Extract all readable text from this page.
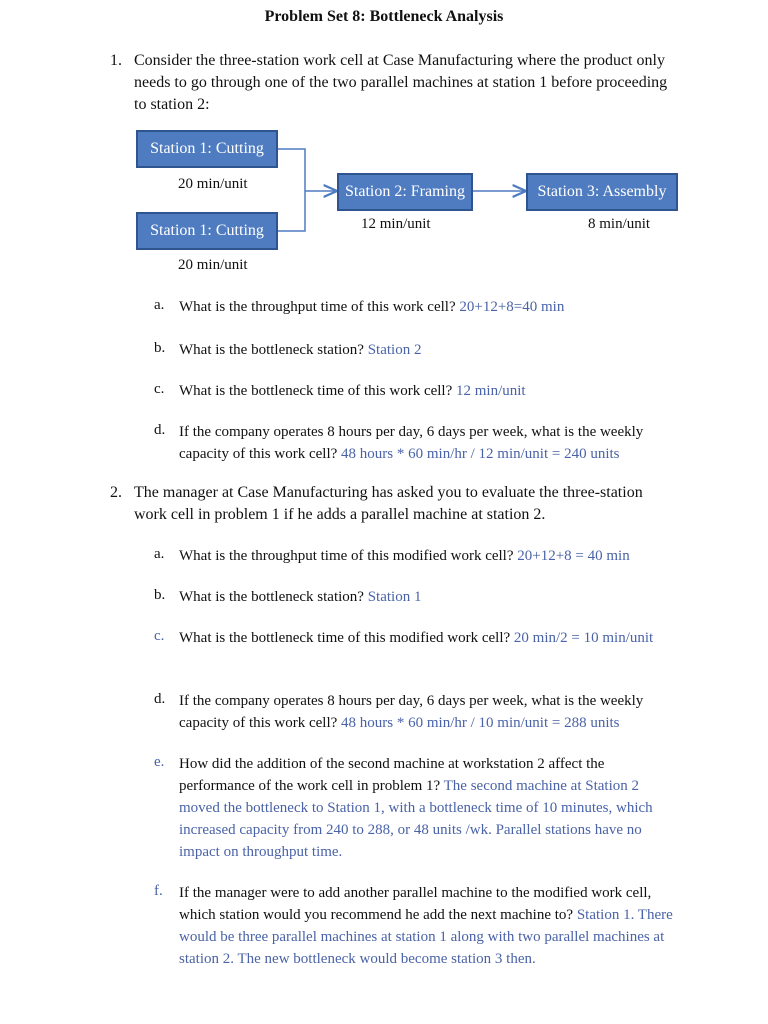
Problem Set 8: Bottleneck Analysis
1. Consider the three-station work cell at Case Manufacturing where the product only needs to go through one of the two parallel machines at station 1 before proceeding to station 2:
Station 1: Cutting
20 min/unit
Station 1: Cutting
20 min/unit
Station 2: Framing
12 min/unit
Station 3: Assembly
8 min/unit
a. What is the throughput time of this work cell? 20+12+8=40 min
b. What is the bottleneck station? Station 2
c. What is the bottleneck time of this work cell? 12 min/unit
d. If the company operates 8 hours per day, 6 days per week, what is the weekly capacity of this work cell? 48 hours * 60 min/hr / 12 min/unit = 240 units
2. The manager at Case Manufacturing has asked you to evaluate the three-station work cell in problem 1 if he adds a parallel machine at station 2.
a. What is the throughput time of this modified work cell? 20+12+8 = 40 min
b. What is the bottleneck station? Station 1
c. What is the bottleneck time of this modified work cell? 20 min/2 = 10 min/unit
d. If the company operates 8 hours per day, 6 days per week, what is the weekly capacity of this work cell? 48 hours * 60 min/hr / 10 min/unit = 288 units
e. How did the addition of the second machine at workstation 2 affect the performance of the work cell in problem 1? The second machine at Station 2 moved the bottleneck to Station 1, with a bottleneck time of 10 minutes, which increased capacity from 240 to 288, or 48 units /wk. Parallel stations have no impact on throughput time.
f. If the manager were to add another parallel machine to the modified work cell, which station would you recommend he add the next machine to? Station 1. There would be three parallel machines at station 1 along with two parallel machines at station 2. The new bottleneck would become station 3 then.
